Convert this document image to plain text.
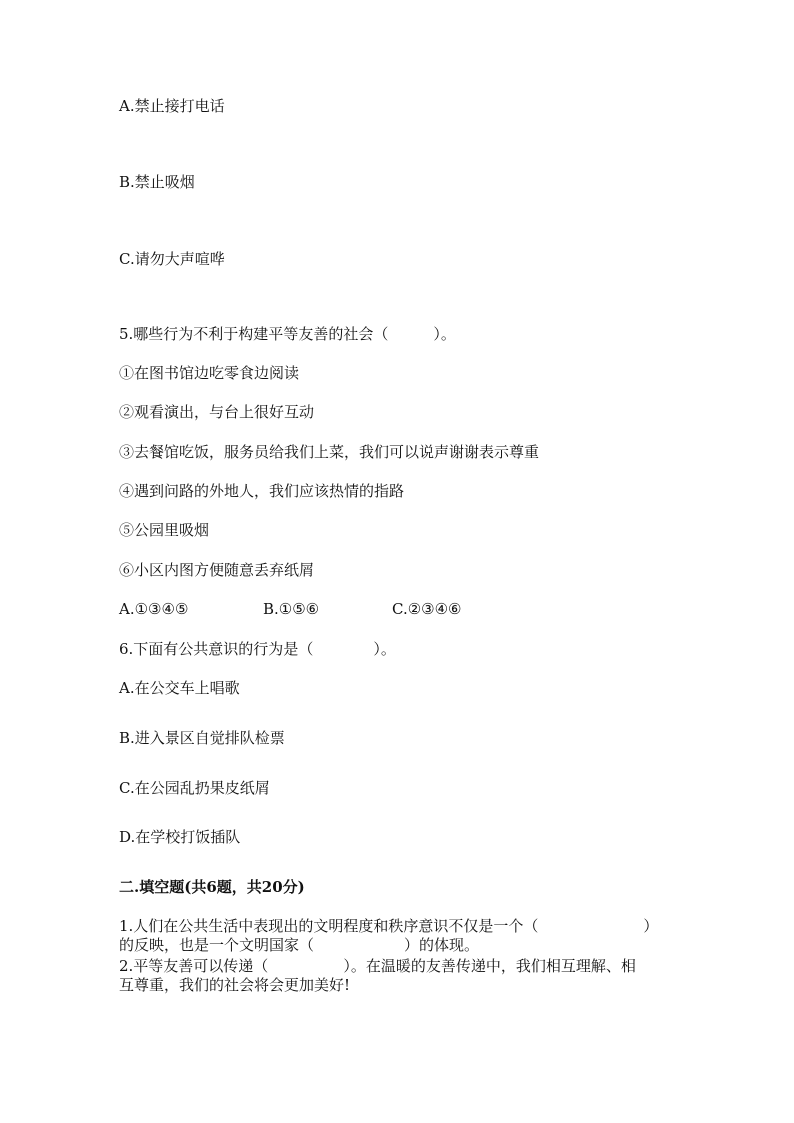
A.禁止接打电话
B.禁止吸烟
C.请勿大声喧哗
5.哪些行为不利于构建平等友善的社会（　　　）。
①在图书馆边吃零食边阅读
②观看演出，与台上很好互动
③去餐馆吃饭，服务员给我们上菜，我们可以说声谢谢表示尊重
④遇到问路的外地人，我们应该热情的指路
⑤公园里吸烟
⑥小区内图方便随意丢弃纸屑
A.①③④⑤	B.①⑤⑥	C.②③④⑥
6.下面有公共意识的行为是（　　　　）。
A.在公交车上唱歌
B.进入景区自觉排队检票
C.在公园乱扔果皮纸屑
D.在学校打饭插队
二.填空题(共6题，共20分)
1.人们在公共生活中表现出的文明程度和秩序意识不仅是一个（　　　　　　　）
的反映，也是一个文明国家（　　　　　　）的体现。
2.平等友善可以传递（　　　　　）。在温暖的友善传递中，我们相互理解、相
互尊重，我们的社会将会更加美好!
